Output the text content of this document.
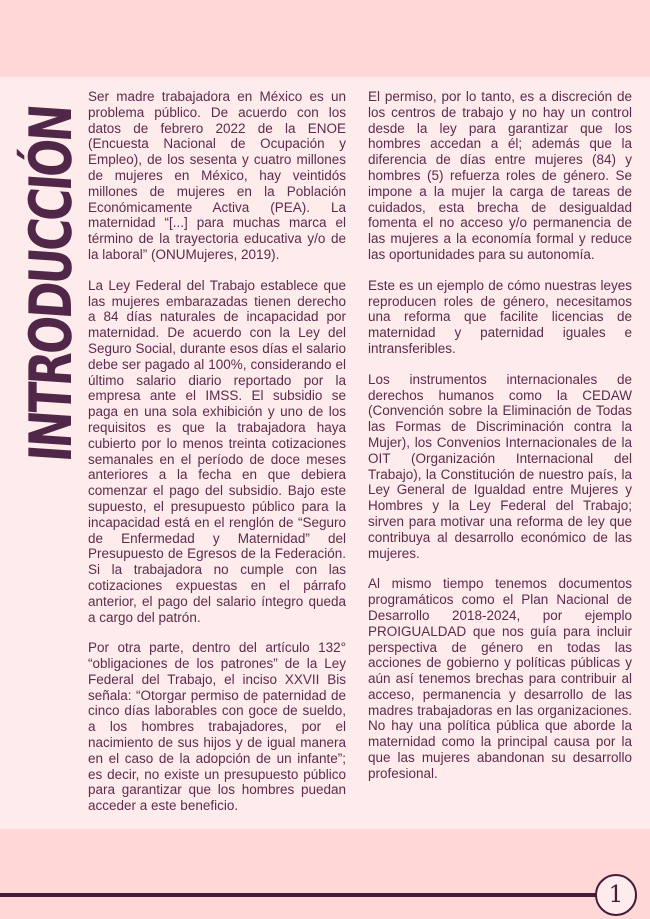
INTRODUCCIÓN

Ser madre trabajadora en México es un problema público. De acuerdo con los datos de febrero 2022 de la ENOE (Encuesta Nacional de Ocupación y Empleo), de los sesenta y cuatro millones de mujeres en México, hay veintidós millones de mujeres en la Población Económicamente Activa (PEA). La maternidad “[...] para muchas marca el término de la trayectoria educativa y/o de la laboral” (ONUMujeres, 2019).

La Ley Federal del Trabajo establece que las mujeres embarazadas tienen derecho a 84 días naturales de incapacidad por maternidad. De acuerdo con la Ley del Seguro Social, durante esos días el salario debe ser pagado al 100%, considerando el último salario diario reportado por la empresa ante el IMSS. El subsidio se paga en una sola exhibición y uno de los requisitos es que la trabajadora haya cubierto por lo menos treinta cotizaciones semanales en el período de doce meses anteriores a la fecha en que debiera comenzar el pago del subsidio. Bajo este supuesto, el presupuesto público para la incapacidad está en el renglón de “Seguro de Enfermedad y Maternidad” del Presupuesto de Egresos de la Federación. Si la trabajadora no cumple con las cotizaciones expuestas en el párrafo anterior, el pago del salario íntegro queda a cargo del patrón.

Por otra parte, dentro del artículo 132° “obligaciones de los patrones” de la Ley Federal del Trabajo, el inciso XXVII Bis señala: “Otorgar permiso de paternidad de cinco días laborables con goce de sueldo, a los hombres trabajadores, por el nacimiento de sus hijos y de igual manera en el caso de la adopción de un infante”; es decir, no existe un presupuesto público para garantizar que los hombres puedan acceder a este beneficio.

El permiso, por lo tanto, es a discreción de los centros de trabajo y no hay un control desde la ley para garantizar que los hombres accedan a él; además que la diferencia de días entre mujeres (84) y hombres (5) refuerza roles de género. Se impone a la mujer la carga de tareas de cuidados, esta brecha de desigualdad fomenta el no acceso y/o permanencia de las mujeres a la economía formal y reduce las oportunidades para su autonomía.

Este es un ejemplo de cómo nuestras leyes reproducen roles de género, necesitamos una reforma que facilite licencias de maternidad y paternidad iguales e intransferibles.

Los instrumentos internacionales de derechos humanos como la CEDAW (Convención sobre la Eliminación de Todas las Formas de Discriminación contra la Mujer), los Convenios Internacionales de la OIT (Organización Internacional del Trabajo), la Constitución de nuestro país, la Ley General de Igualdad entre Mujeres y Hombres y la Ley Federal del Trabajo; sirven para motivar una reforma de ley que contribuya al desarrollo económico de las mujeres.

Al mismo tiempo tenemos documentos programáticos como el Plan Nacional de Desarrollo 2018-2024, por ejemplo PROIGUALDAD que nos guía para incluir perspectiva de género en todas las acciones de gobierno y políticas públicas y aún así tenemos brechas para contribuir al acceso, permanencia y desarrollo de las madres trabajadoras en las organizaciones. No hay una política pública que aborde la maternidad como la principal causa por la que las mujeres abandonan su desarrollo profesional.

1
